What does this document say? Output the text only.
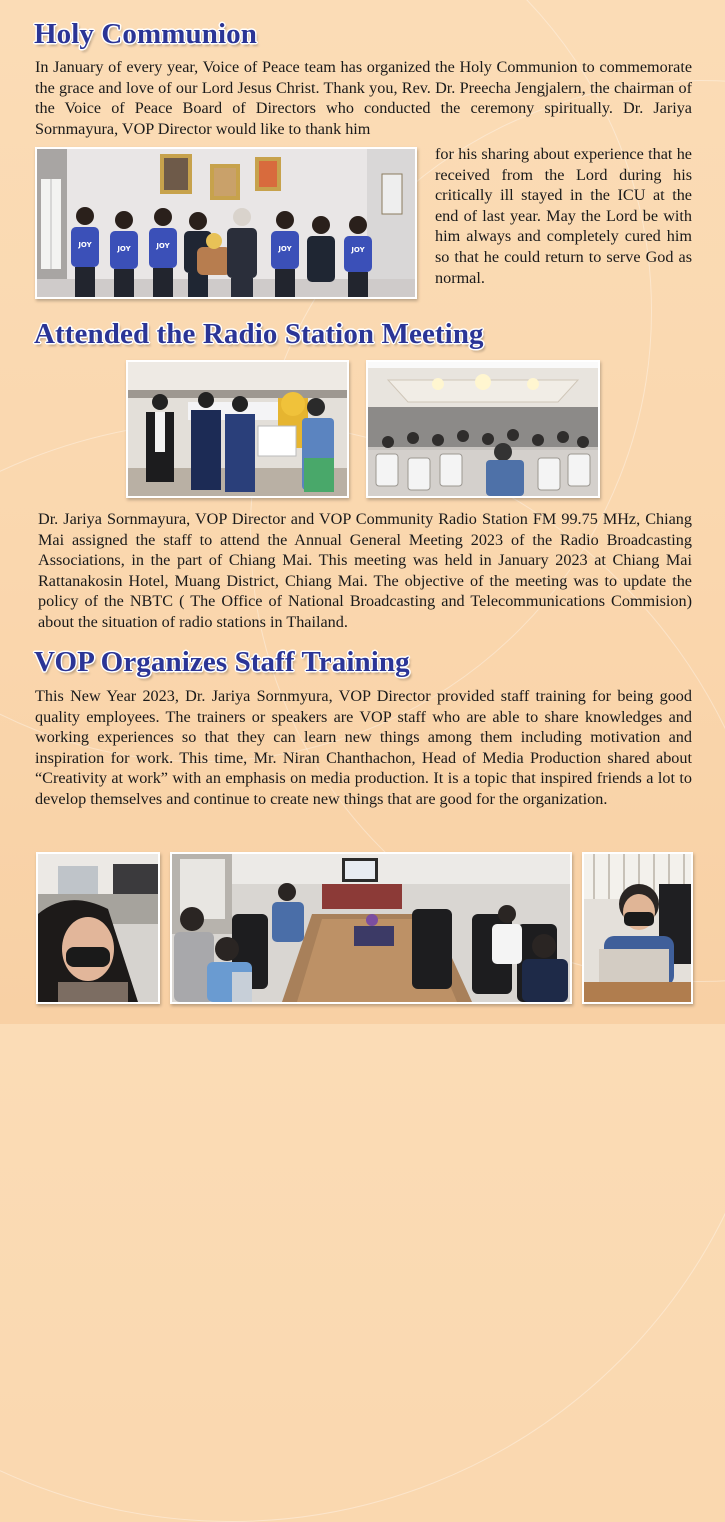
Holy Communion

In January of every year, Voice of Peace team has organized the Holy Communion to commemorate the grace and love of our Lord Jesus Christ. Thank you, Rev. Dr. Preecha Jengjalern, the chairman of the Voice of Peace Board of Directors who conducted the ceremony spiritually. Dr. Jariya Sornmayura, VOP Director would like to thank him

JOY	JOY	JOY	JOY	JOY

for his sharing about experience that he received from the Lord during his critically ill stayed in the ICU at the end of last year. May the Lord be with him always and completely cured him so that he could return to serve God as normal.

Attended the Radio Station Meeting

Dr. Jariya Sornmayura, VOP Director and VOP Community Radio Station FM 99.75 MHz, Chiang Mai assigned the staff to attend the Annual General Meeting 2023 of the Radio Broadcasting Associations, in the part of Chiang Mai. This meeting was held in January 2023 at Chiang Mai Rattanakosin Hotel, Muang District, Chiang Mai. The objective of the meeting was to update the policy of the NBTC ( The Office of National Broadcasting and Telecommunications Commision) about the situation of radio stations in Thailand.

VOP Organizes Staff Training

This New Year 2023, Dr. Jariya Sornmyura, VOP Director provided staff training for being good quality employees. The trainers or speakers are VOP staff who are able to share knowledges and working experiences so that they can learn new things among them including motivation and inspiration for work. This time, Mr. Niran Chanthachon, Head of Media Production shared about “Creativity at work” with an emphasis on media production. It is a topic that inspired friends a lot to develop themselves and continue to create new things that are good for the organization.
